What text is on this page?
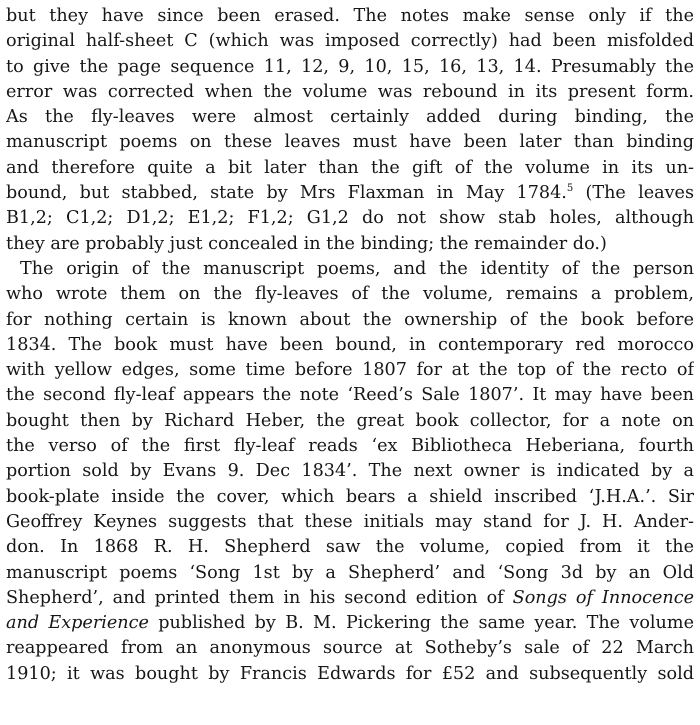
but they have since been erased. The notes make sense only if the
original half-sheet C (which was imposed correctly) had been misfolded
to give the page sequence 11, 12, 9, 10, 15, 16, 13, 14. Presumably the
error was corrected when the volume was rebound in its present form.
As the fly-leaves were almost certainly added during binding, the
manuscript poems on these leaves must have been later than binding
and therefore quite a bit later than the gift of the volume in its un-
bound, but stabbed, state by Mrs Flaxman in May 1784.$^5$ (The leaves
B1,2; C1,2; D1,2; E1,2; F1,2; G1,2 do not show stab holes, although
they are probably just concealed in the binding; the remainder do.)
The origin of the manuscript poems, and the identity of the person
who wrote them on the fly-leaves of the volume, remains a problem,
for nothing certain is known about the ownership of the book before
1834. The book must have been bound, in contemporary red morocco
with yellow edges, some time before 1807 for at the top of the recto of
the second fly-leaf appears the note ‘Reed’s Sale 1807’. It may have been
bought then by Richard Heber, the great book collector, for a note on
the verso of the first fly-leaf reads ‘ex Bibliotheca Heberiana, fourth
portion sold by Evans 9. Dec 1834’. The next owner is indicated by a
book-plate inside the cover, which bears a shield inscribed ‘J.H.A.’. Sir
Geoffrey Keynes suggests that these initials may stand for J. H. Ander-
don. In 1868 R. H. Shepherd saw the volume, copied from it the
manuscript poems ‘Song 1st by a Shepherd’ and ‘Song 3d by an Old
Shepherd’, and printed them in his second edition of Songs of Innocence
and Experience published by B. M. Pickering the same year. The volume
reappeared from an anonymous source at Sotheby’s sale of 22 March
1910; it was bought by Francis Edwards for £52 and subsequently sold
